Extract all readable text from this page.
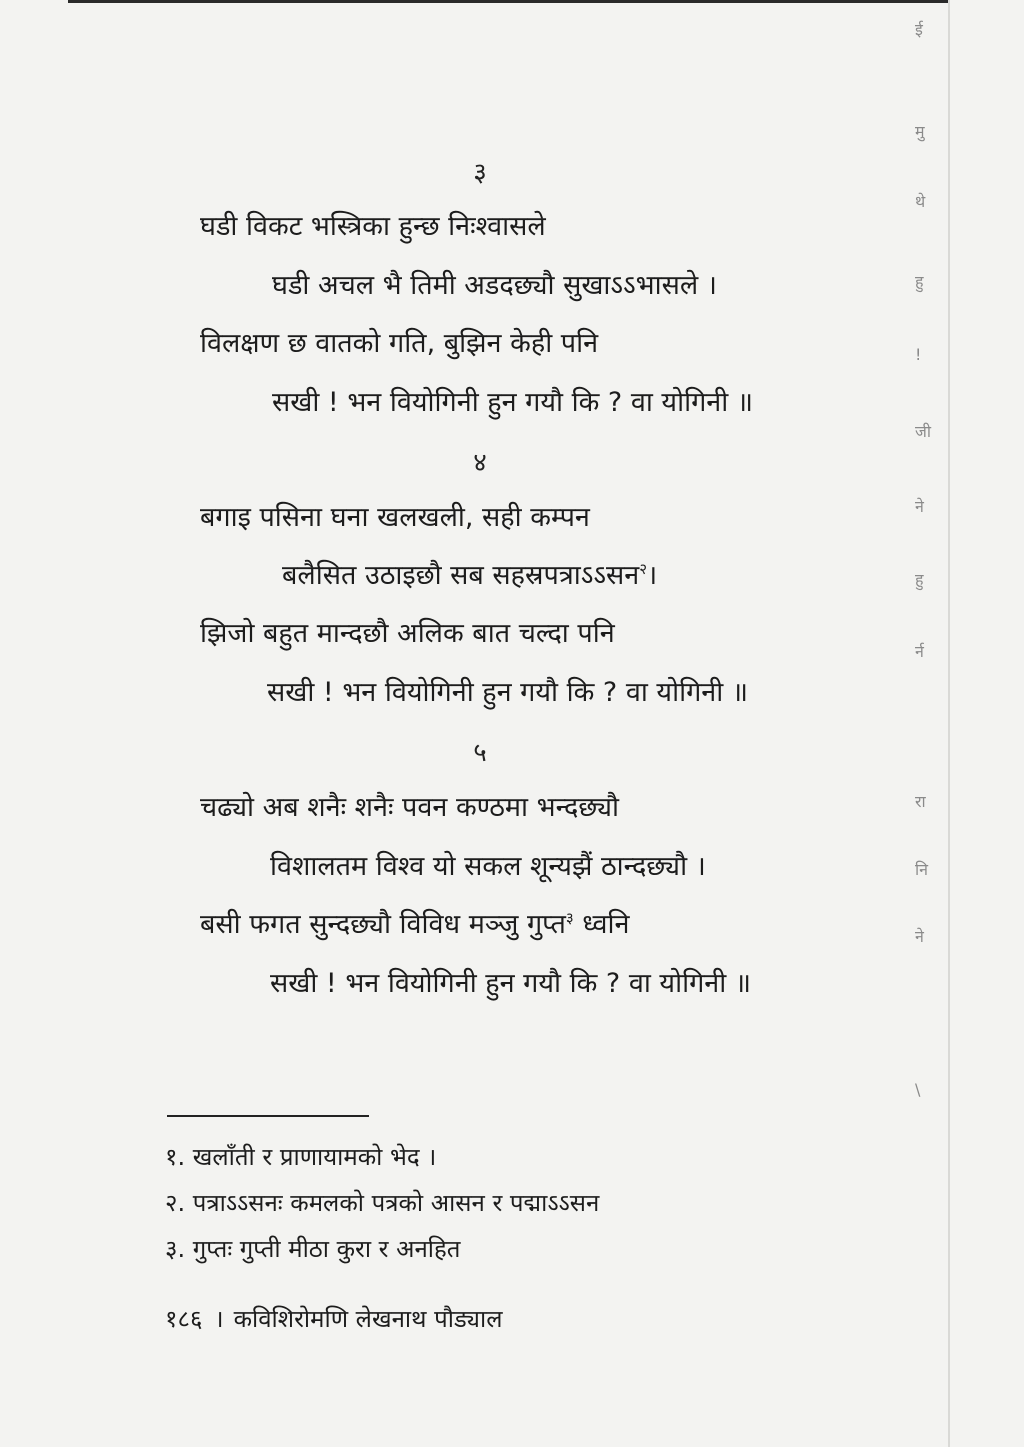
ई
मु
थे
हु
!
जी
ने
हु
र्न
रा
नि
ने
\
३
घडी विकट भस्त्रिका हुन्छ निःश्वासले
घडी अचल भै तिमी अडदछ्यौ सुखाऽऽभासले ।
विलक्षण छ वातको गति, बुझिन केही पनि
सखी ! भन वियोगिनी हुन गयौ कि ? वा योगिनी ॥
४
बगाइ पसिना घना खलखली, सही कम्पन
बलैसित उठाइछौ सब सहस्रपत्राऽऽसन$^२$।
झिजो बहुत मान्दछौ अलिक बात चल्दा पनि
सखी ! भन वियोगिनी हुन गयौ कि ? वा योगिनी ॥
५
चढ्यो अब शनैः शनैः पवन कण्ठमा भन्दछ्यौ
विशालतम विश्व यो सकल शून्यझैं ठान्दछ्यौ ।
बसी फगत सुन्दछ्यौ विविध मञ्जु गुप्त$^३$ ध्वनि
सखी ! भन वियोगिनी हुन गयौ कि ? वा योगिनी ॥
१. खलाँती र प्राणायामको भेद ।
२. पत्राऽऽसनः कमलको पत्रको आसन र पद्माऽऽसन
३. गुप्तः गुप्ती मीठा कुरा र अनहित
१८६ । कविशिरोमणि लेखनाथ पौड्याल
